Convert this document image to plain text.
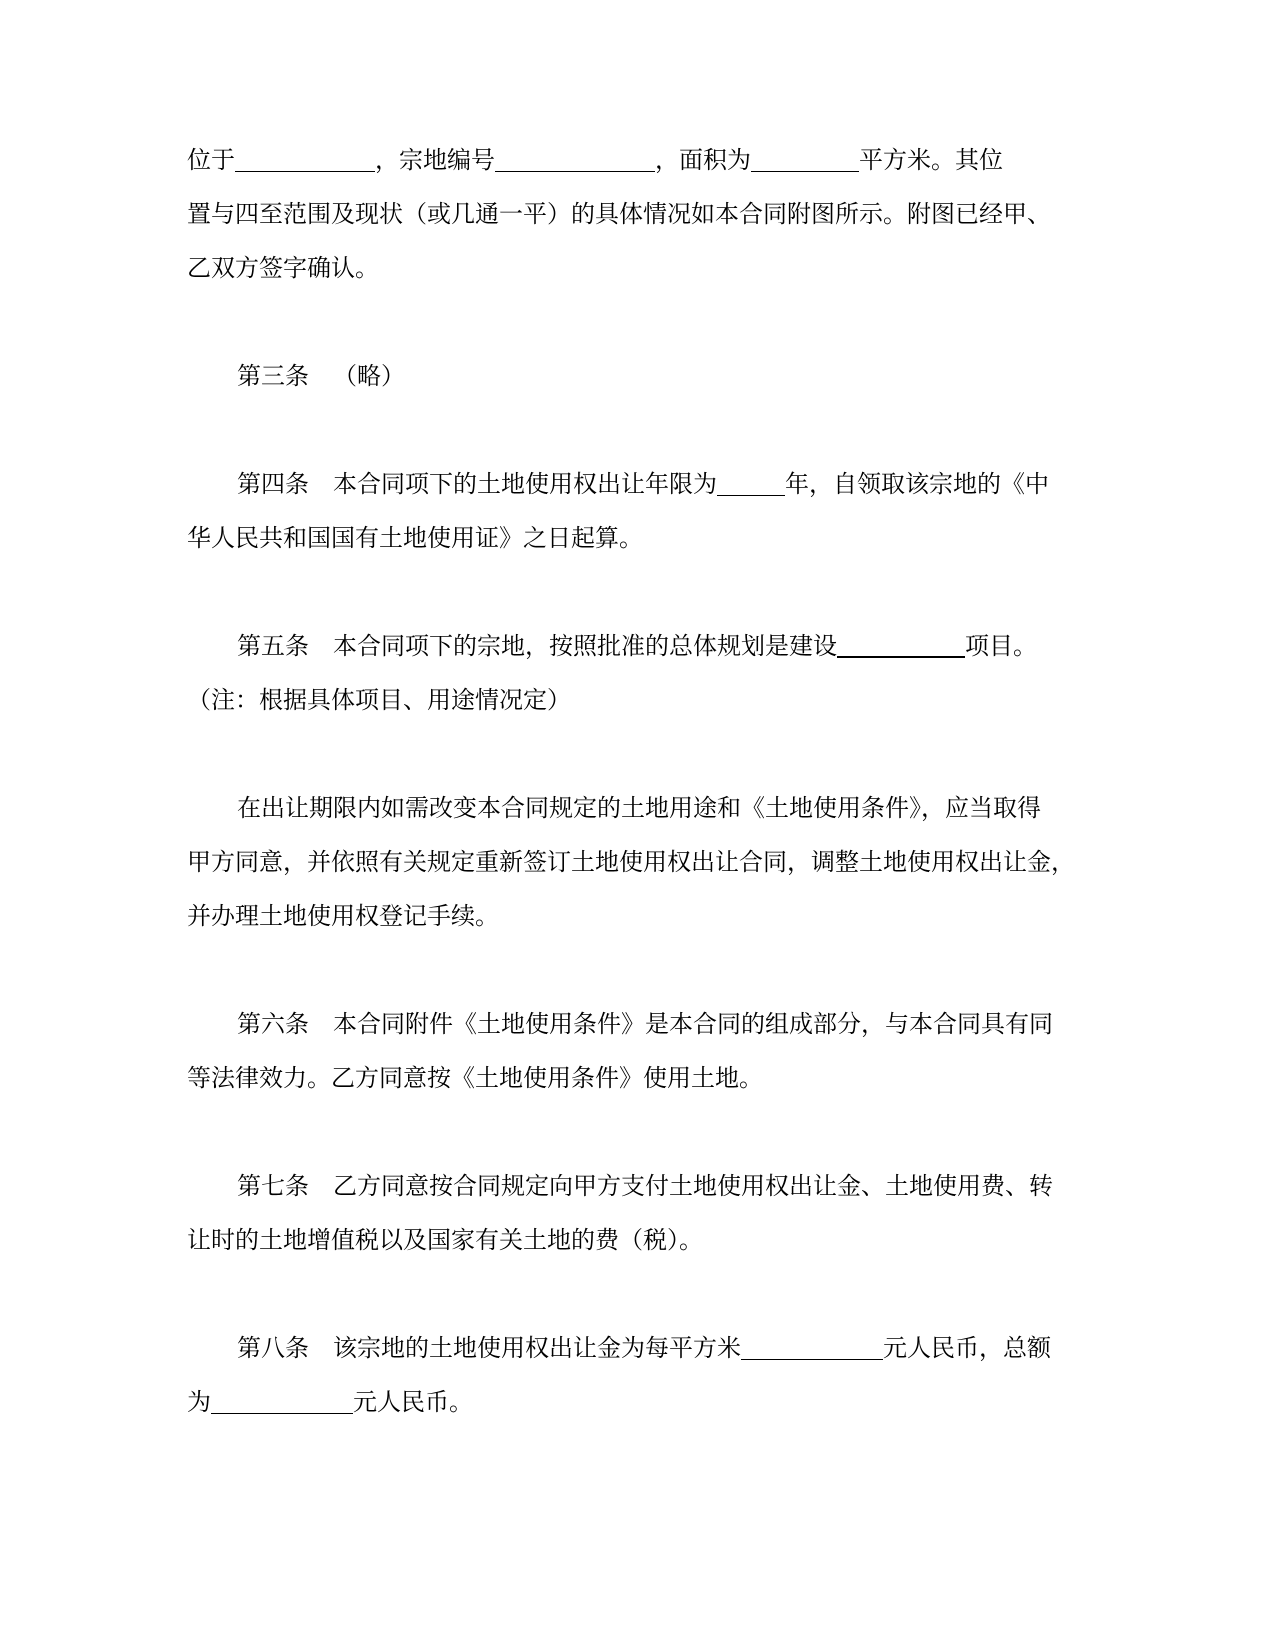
位于	，宗地编号	，面积为	平方米。其位
置与四至范围及现状（或几通一平）的具体情况如本合同附图所示。附图已经甲、
乙双方签字确认。
第三条 （略）
第四条 本合同项下的土地使用权出让年限为	年，自领取该宗地的《中
华人民共和国国有土地使用证》之日起算。
第五条 本合同项下的宗地，按照批准的总体规划是建设	项目。
（注：根据具体项目、用途情况定）
在出让期限内如需改变本合同规定的土地用途和《土地使用条件》，应当取得
甲方同意，并依照有关规定重新签订土地使用权出让合同，调整土地使用权出让金，
并办理土地使用权登记手续。
第六条 本合同附件《土地使用条件》是本合同的组成部分，与本合同具有同
等法律效力。乙方同意按《土地使用条件》使用土地。
第七条 乙方同意按合同规定向甲方支付土地使用权出让金、土地使用费、转
让时的土地增值税以及国家有关土地的费（税）。
第八条 该宗地的土地使用权出让金为每平方米	元人民币，总额
为	元人民币。
